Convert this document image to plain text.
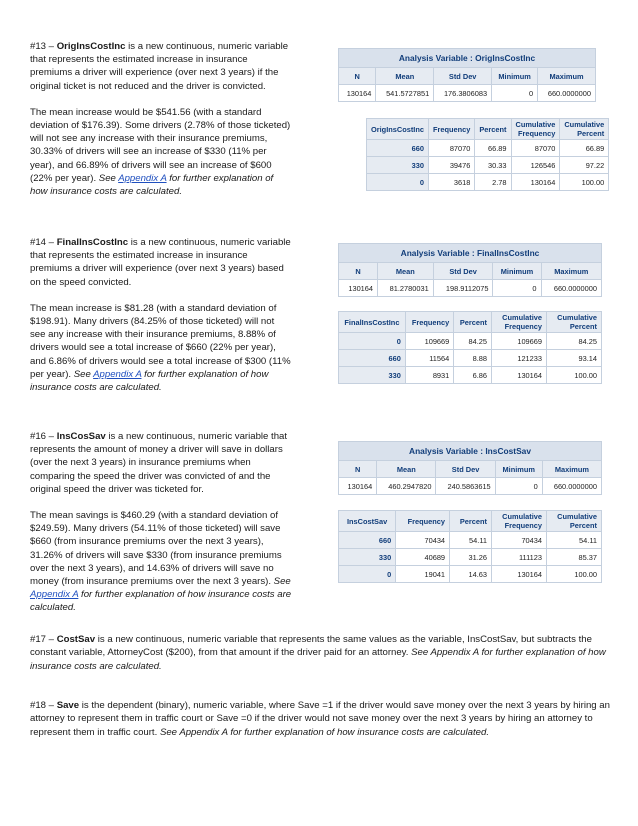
#13 – OrigInsCostInc is a new continuous, numeric variable that represents the estimated increase in insurance premiums a driver will experience (over next 3 years) if the original ticket is not reduced and the driver is convicted.

The mean increase would be $541.56 (with a standard deviation of $176.39). Some drivers (2.78% of those ticketed) will not see any increase with their insurance premiums, 30.33% of drivers will see an increase of $330 (11% per year), and 66.89% of drivers will see an increase of $600 (22% per year). See Appendix A for further explanation of how insurance costs are calculated.

Analysis Variable : OrigInsCostInc				
N	Mean	Std Dev	Minimum	Maximum
130164	541.5727851	176.3806083	0	660.0000000
OrigInsCostInc	Frequency	Percent	Cumulative Frequency	Cumulative Percent
660	87070	66.89	87070	66.89
330	39476	30.33	126546	97.22
0	3618	2.78	130164	100.00

#14 – FinalInsCostInc is a new continuous, numeric variable that represents the estimated increase in insurance premiums a driver will experience (over next 3 years) based on the speed convicted.

The mean increase is $81.28 (with a standard deviation of $198.91). Many drivers (84.25% of those ticketed) will not see any increase with their insurance premiums, 8.88% of drivers would see a total increase of $660 (22% per year), and 6.86% of drivers would see a total increase of $300 (11% per year). See Appendix A for further explanation of how insurance costs are calculated.

Analysis Variable : FinalInsCostInc				
N	Mean	Std Dev	Minimum	Maximum
130164	81.2780031	198.9112075	0	660.0000000
FinalInsCostInc	Frequency	Percent	Cumulative Frequency	Cumulative Percent
0	109669	84.25	109669	84.25
660	11564	8.88	121233	93.14
330	8931	6.86	130164	100.00

#16 – InsCosSav is a new continuous, numeric variable that represents the amount of money a driver will save in dollars (over the next 3 years) in insurance premiums when comparing the speed the driver was convicted of and the original speed the driver was ticketed for.

The mean savings is $460.29 (with a standard deviation of $249.59). Many drivers (54.11% of those ticketed) will save $660 (from insurance premiums over the next 3 years), 31.26% of drivers will save $330 (from insurance premiums over the next 3 years), and 14.63% of drivers will save no money (from insurance premiums over the next 3 years). See Appendix A for further explanation of how insurance costs are calculated.

Analysis Variable : InsCostSav				
N	Mean	Std Dev	Minimum	Maximum
130164	460.2947820	240.5863615	0	660.0000000
InsCostSav	Frequency	Percent	Cumulative Frequency	Cumulative Percent
660	70434	54.11	70434	54.11
330	40689	31.26	111123	85.37
0	19041	14.63	130164	100.00

#17 – CostSav is a new continuous, numeric variable that represents the same values as the variable, InsCostSav, but subtracts the constant variable, AttorneyCost ($200), from that amount if the driver paid for an attorney. See Appendix A for further explanation of how insurance costs are calculated.

#18 – Save is the dependent (binary), numeric variable, where Save =1 if the driver would save money over the next 3 years by hiring an attorney to represent them in traffic court or Save =0 if the driver would not save money over the next 3 years by hiring an attorney to represent them in traffic court. See Appendix A for further explanation of how insurance costs are calculated.
